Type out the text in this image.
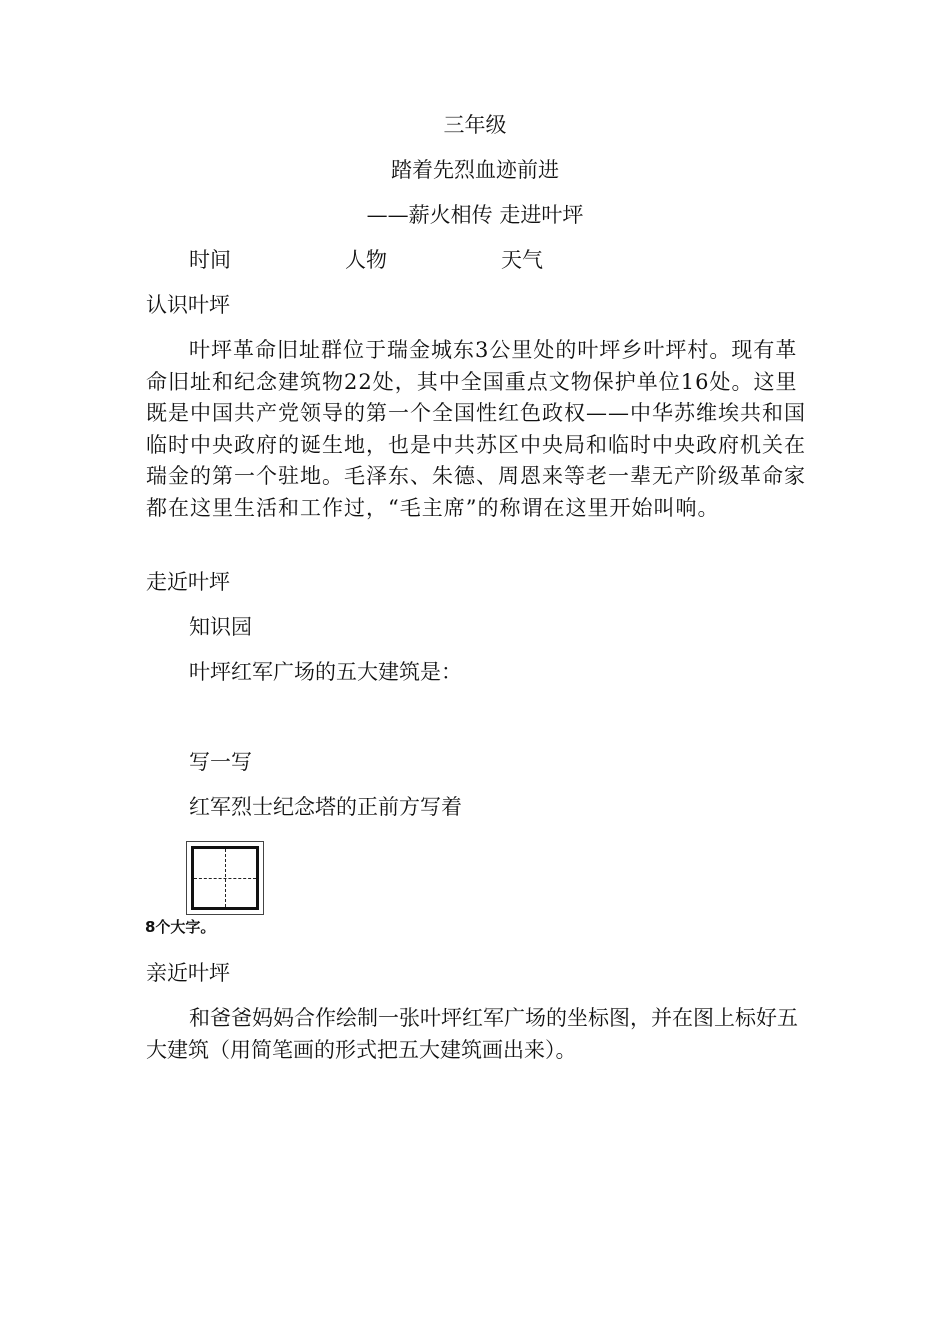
三年级
踏着先烈血迹前进
——薪火相传 走进叶坪
时间	人物	天气
认识叶坪
叶坪革命旧址群位于瑞金城东3公里处的叶坪乡叶坪村。现有革命旧址和纪念建筑物22处，其中全国重点文物保护单位16处。这里既是中国共产党领导的第一个全国性红色政权——中华苏维埃共和国临时中央政府的诞生地，也是中共苏区中央局和临时中央政府机关在瑞金的第一个驻地。毛泽东、朱德、周恩来等老一辈无产阶级革命家都在这里生活和工作过，“毛主席”的称谓在这里开始叫响。
走近叶坪
知识园
叶坪红军广场的五大建筑是：
写一写
红军烈士纪念塔的正前方写着
8个大字。
亲近叶坪
和爸爸妈妈合作绘制一张叶坪红军广场的坐标图，并在图上标好五大建筑（用简笔画的形式把五大建筑画出来）。
